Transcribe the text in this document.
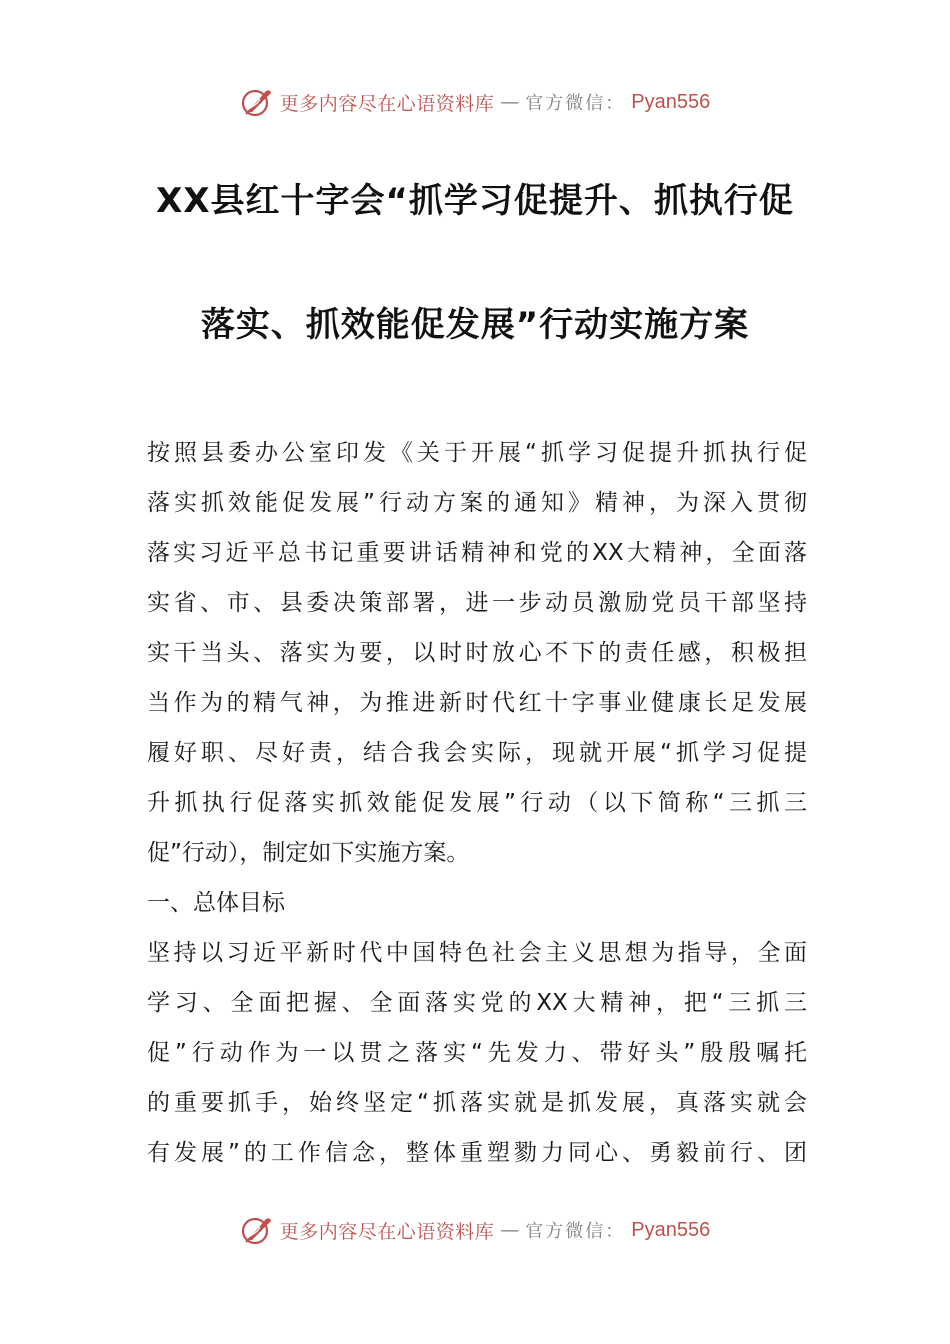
更多内容尽在心语资料库 — 官方微信： Pyan556
XX县红十字会“抓学习促提升、抓执行促
落实、抓效能促发展”行动实施方案
按照县委办公室印发《关于开展“抓学习促提升抓执行促
落实抓效能促发展”行动方案的通知》精神，为深入贯彻
落实习近平总书记重要讲话精神和党的XX大精神，全面落
实省、市、县委决策部署，进一步动员激励党员干部坚持
实干当头、落实为要，以时时放心不下的责任感，积极担
当作为的精气神，为推进新时代红十字事业健康长足发展
履好职、尽好责，结合我会实际，现就开展“抓学习促提
升抓执行促落实抓效能促发展”行动（以下简称“三抓三
促”行动），制定如下实施方案。
一、总体目标
坚持以习近平新时代中国特色社会主义思想为指导，全面
学习、全面把握、全面落实党的XX大精神，把“三抓三
促”行动作为一以贯之落实“先发力、带好头”殷殷嘱托
的重要抓手，始终坚定“抓落实就是抓发展，真落实就会
有发展”的工作信念，整体重塑勠力同心、勇毅前行、团
更多内容尽在心语资料库 — 官方微信： Pyan556
